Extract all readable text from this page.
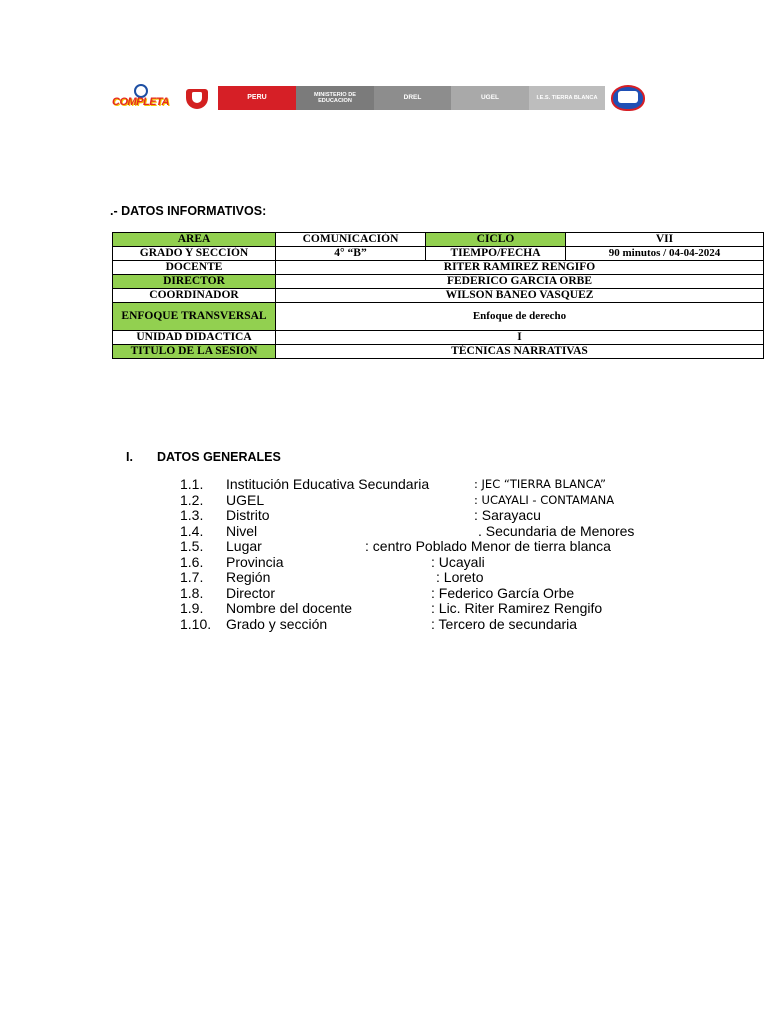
COMPLETA	PERU	MINISTERIO DE EDUCACION	DREL	UGEL	I.E.S. TIERRA BLANCA
.- DATOS INFORMATIVOS:
AREA	COMUNICACIÓN	CICLO	VII
GRADO Y SECCIÓN	4° “B”	TIEMPO/FECHA	90 minutos / 04-04-2024
DOCENTE	RITER RAMIREZ RENGIFO		
DIRECTOR	FEDERICO GARCIA ORBE		
COORDINADOR	WILSON BANEO VASQUEZ		
ENFOQUE TRANSVERSAL	Enfoque de derecho		
UNIDAD DIDACTICA	I		
TITULO DE LA SESION	TÉCNICAS NARRATIVAS		
I. DATOS GENERALES
1.1. Institución Educativa Secundaria	: JEC “TIERRA BLANCA”
1.2. UGEL	: UCAYALI - CONTAMANA
1.3. Distrito	: Sarayacu
1.4. Nivel	. Secundaria de Menores
1.5. Lugar	: centro Poblado Menor de tierra blanca
1.6. Provincia	: Ucayali
1.7. Región	: Loreto
1.8. Director	: Federico García Orbe
1.9. Nombre del docente	: Lic. Riter Ramirez Rengifo
1.10. Grado y sección	: Tercero de secundaria
